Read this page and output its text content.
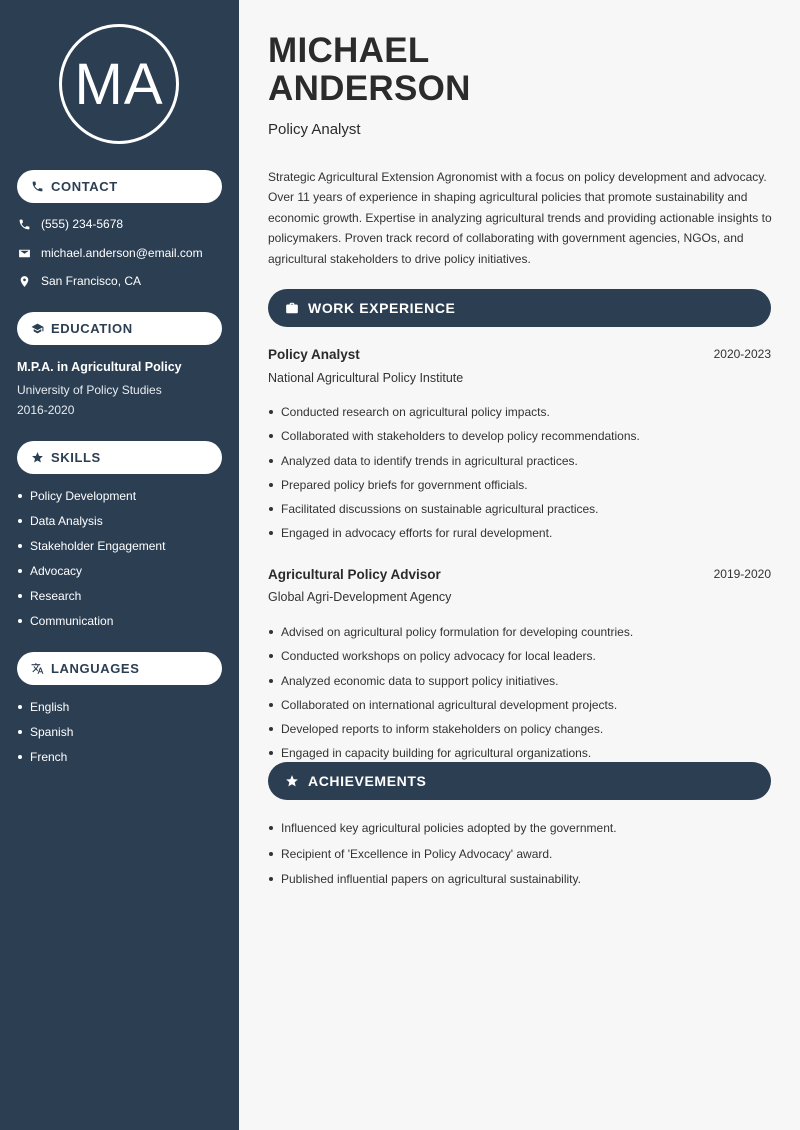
MA
CONTACT
(555) 234-5678
michael.anderson@email.com
San Francisco, CA
EDUCATION
M.P.A. in Agricultural Policy
University of Policy Studies
2016-2020
SKILLS
Policy Development
Data Analysis
Stakeholder Engagement
Advocacy
Research
Communication
LANGUAGES
English
Spanish
French
MICHAEL
ANDERSON
Policy Analyst
Strategic Agricultural Extension Agronomist with a focus on policy development and advocacy. Over 11 years of experience in shaping agricultural policies that promote sustainability and economic growth. Expertise in analyzing agricultural trends and providing actionable insights to policymakers. Proven track record of collaborating with government agencies, NGOs, and agricultural stakeholders to drive policy initiatives.
WORK EXPERIENCE
Policy Analyst	2020-2023
National Agricultural Policy Institute
Conducted research on agricultural policy impacts.
Collaborated with stakeholders to develop policy recommendations.
Analyzed data to identify trends in agricultural practices.
Prepared policy briefs for government officials.
Facilitated discussions on sustainable agricultural practices.
Engaged in advocacy efforts for rural development.
Agricultural Policy Advisor	2019-2020
Global Agri-Development Agency
Advised on agricultural policy formulation for developing countries.
Conducted workshops on policy advocacy for local leaders.
Analyzed economic data to support policy initiatives.
Collaborated on international agricultural development projects.
Developed reports to inform stakeholders on policy changes.
Engaged in capacity building for agricultural organizations.
ACHIEVEMENTS
Influenced key agricultural policies adopted by the government.
Recipient of 'Excellence in Policy Advocacy' award.
Published influential papers on agricultural sustainability.
